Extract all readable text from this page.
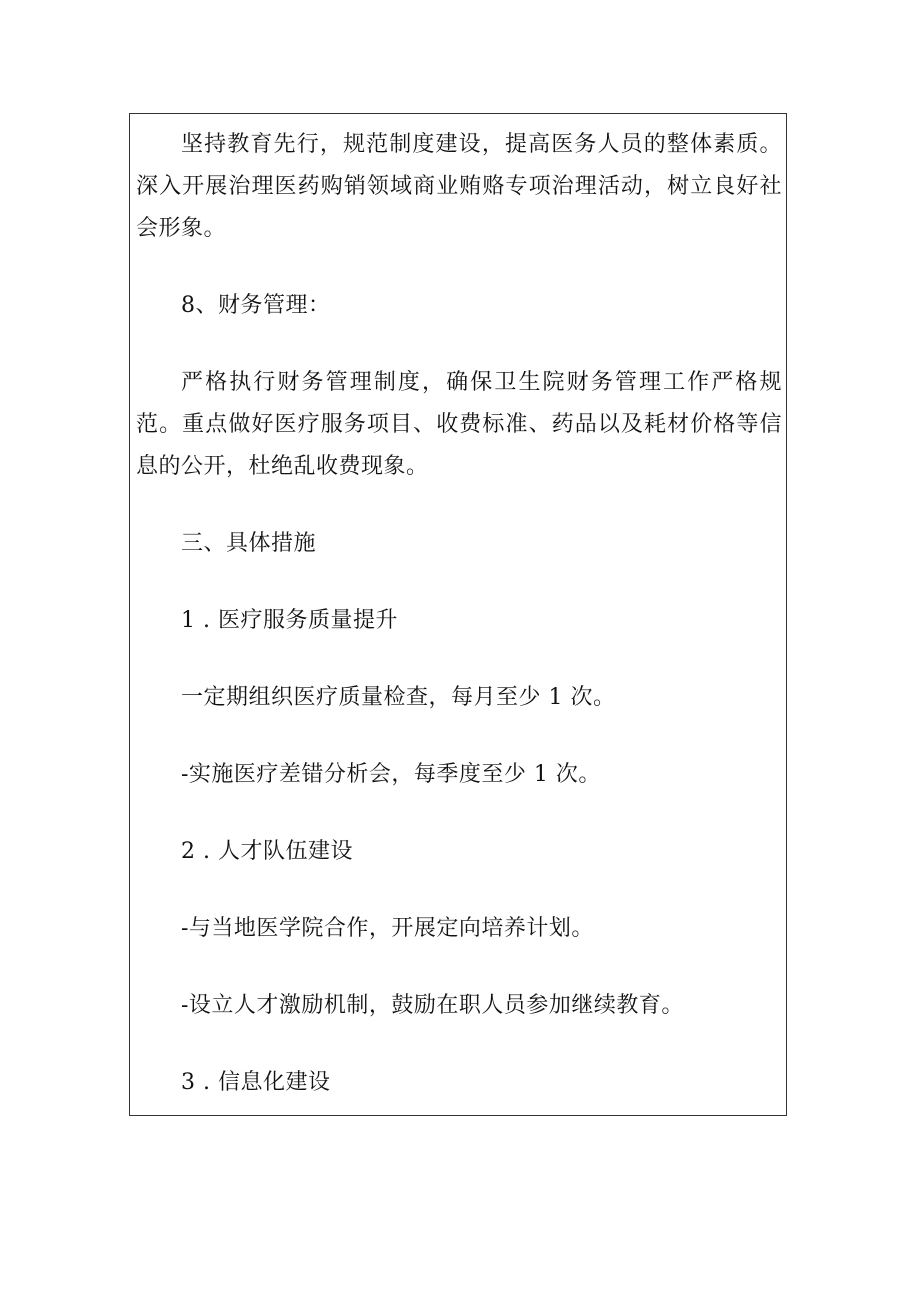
坚持教育先行，规范制度建设，提高医务人员的整体素质。深入开展治理医药购销领域商业贿赂专项治理活动，树立良好社会形象。

8、财务管理：

严格执行财务管理制度，确保卫生院财务管理工作严格规范。重点做好医疗服务项目、收费标准、药品以及耗材价格等信息的公开，杜绝乱收费现象。

三、具体措施

1 . 医疗服务质量提升

一定期组织医疗质量检查，每月至少 1 次。

-实施医疗差错分析会，每季度至少 1 次。

2 . 人才队伍建设

-与当地医学院合作，开展定向培养计划。

-设立人才激励机制，鼓励在职人员参加继续教育。

3 . 信息化建设
